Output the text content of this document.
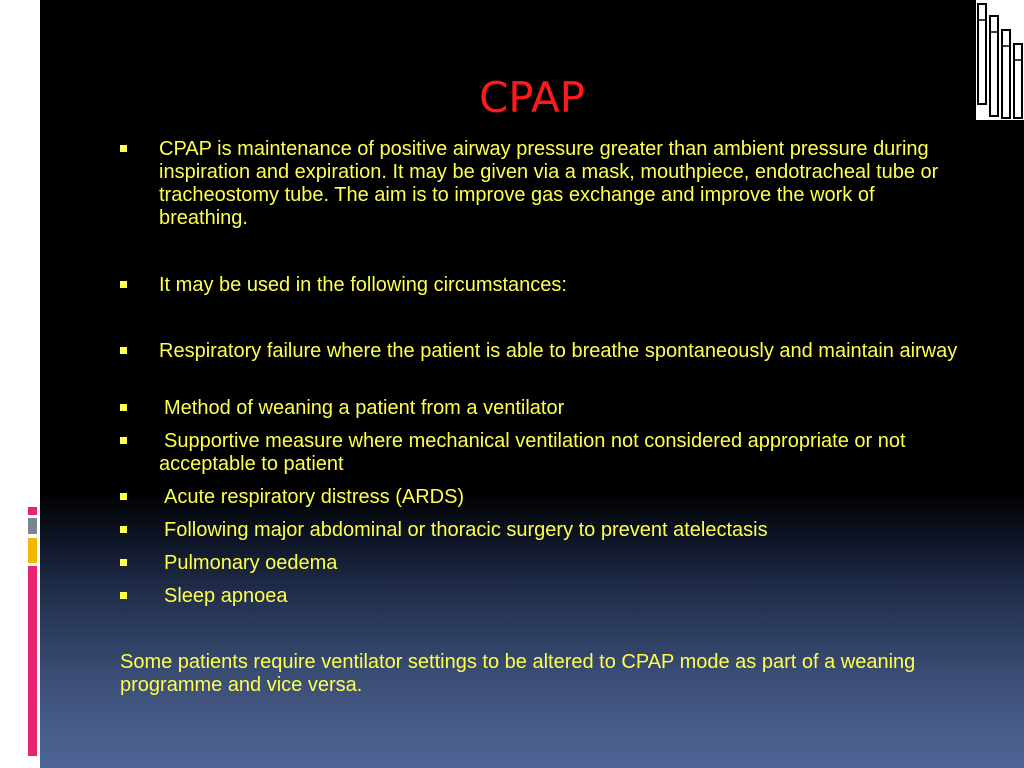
CPAP
CPAP is maintenance of positive airway pressure greater than ambient pressure during inspiration and expiration. It may be given via a mask, mouthpiece, endotracheal tube or tracheostomy tube. The aim is to improve gas exchange and improve the work of breathing.
It may be used in the following circumstances:
Respiratory failure where the patient is able to breathe spontaneously and maintain airway
Method of weaning a patient from a ventilator
Supportive measure where mechanical ventilation not considered appropriate or not acceptable to patient
Acute respiratory distress (ARDS)
Following major abdominal or thoracic surgery to prevent atelectasis
Pulmonary oedema
Sleep apnoea
Some patients require ventilator settings to be altered to CPAP mode as part of a weaning programme and vice versa.
